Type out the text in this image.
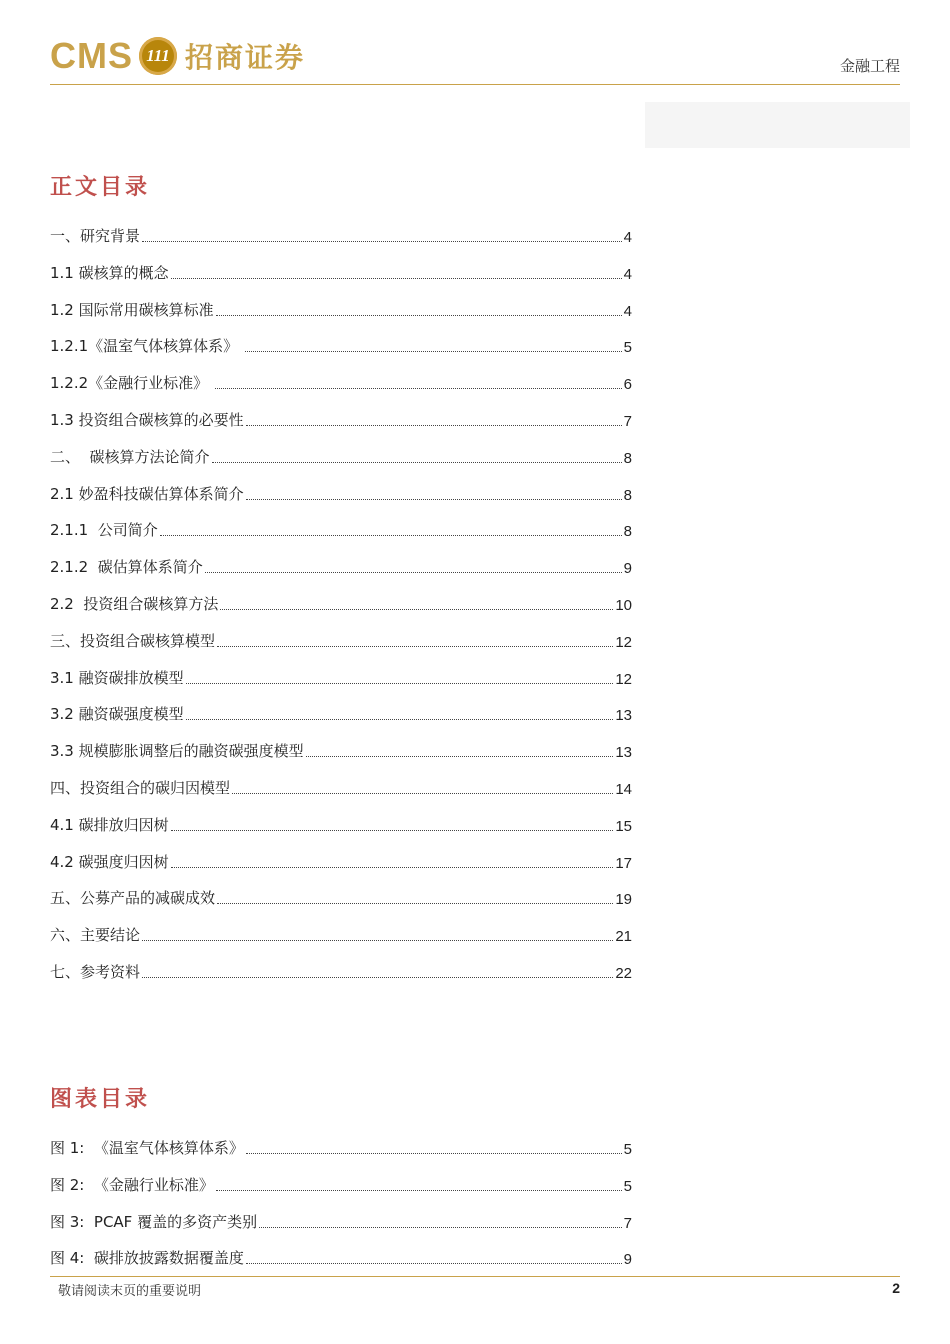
CMS 111 招商证券	金融工程
正文目录
一、研究背景	4
1.1 碳核算的概念	4
1.2 国际常用碳核算标准	4
1.2.1《温室气体核算体系》	5
1.2.2《金融行业标准》	6
1.3 投资组合碳核算的必要性	7
二、  碳核算方法论简介	8
2.1 妙盈科技碳估算体系简介	8
2.1.1  公司简介	8
2.1.2  碳估算体系简介	9
2.2  投资组合碳核算方法	10
三、投资组合碳核算模型	12
3.1 融资碳排放模型	12
3.2 融资碳强度模型	13
3.3 规模膨胀调整后的融资碳强度模型	13
四、投资组合的碳归因模型	14
4.1 碳排放归因树	15
4.2 碳强度归因树	17
五、公募产品的减碳成效	19
六、主要结论	21
七、参考资料	22
图表目录
图 1:  《温室气体核算体系》	5
图 2:  《金融行业标准》	5
图 3:  PCAF 覆盖的多资产类别	7
图 4:  碳排放披露数据覆盖度	9
敬请阅读末页的重要说明	2
